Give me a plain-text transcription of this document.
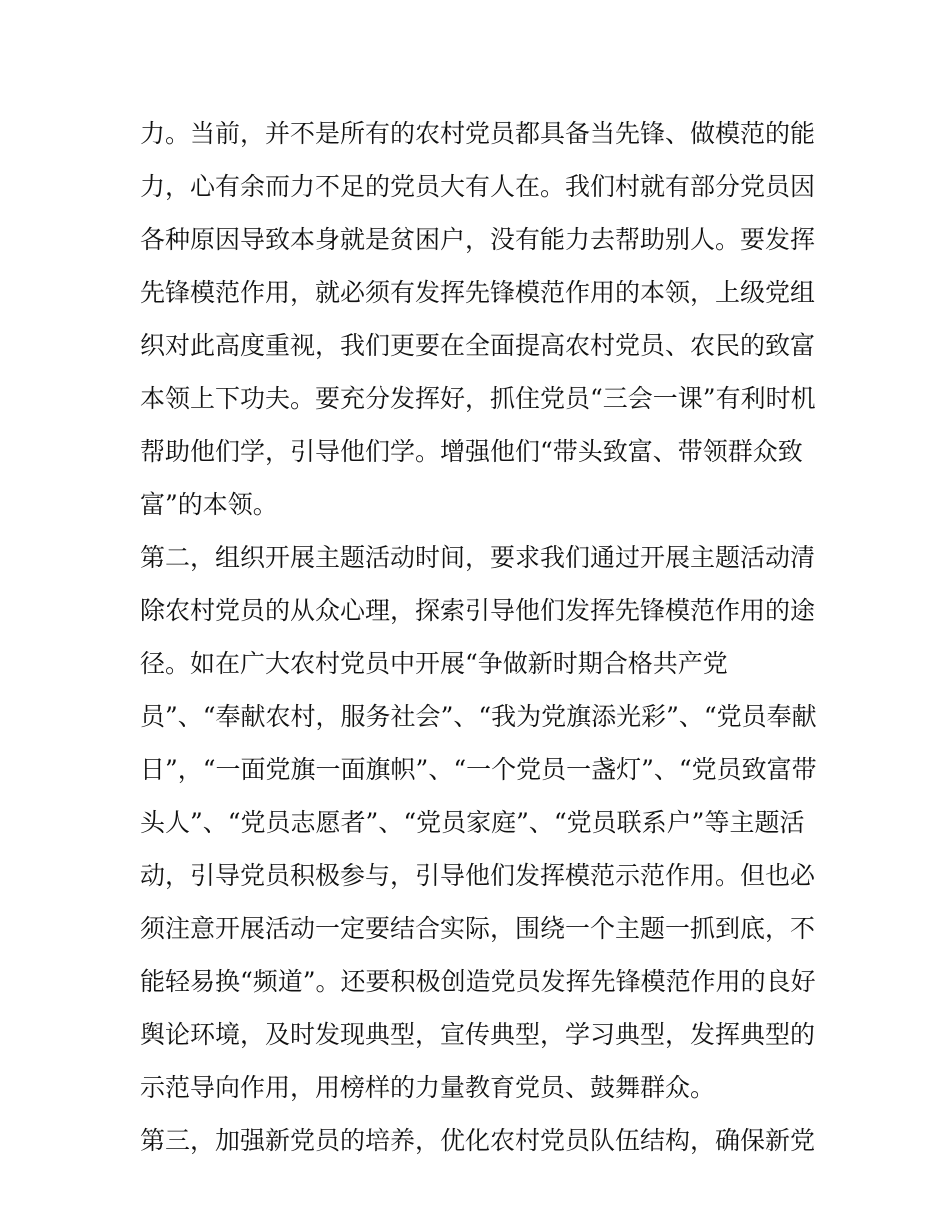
力。当前，并不是所有的农村党员都具备当先锋、做模范的能
力，心有余而力不足的党员大有人在。我们村就有部分党员因
各种原因导致本身就是贫困户，没有能力去帮助别人。要发挥
先锋模范作用，就必须有发挥先锋模范作用的本领，上级党组
织对此高度重视，我们更要在全面提高农村党员、农民的致富
本领上下功夫。要充分发挥好，抓住党员“三会一课”有利时机
帮助他们学，引导他们学。增强他们“带头致富、带领群众致
富”的本领。
第二，组织开展主题活动时间，要求我们通过开展主题活动清
除农村党员的从众心理，探索引导他们发挥先锋模范作用的途
径。如在广大农村党员中开展“争做新时期合格共产党
员”、“奉献农村，服务社会”、“我为党旗添光彩”、“党员奉献
日”，“一面党旗一面旗帜”、“一个党员一盏灯”、“党员致富带
头人”、“党员志愿者”、“党员家庭”、“党员联系户”等主题活
动，引导党员积极参与，引导他们发挥模范示范作用。但也必
须注意开展活动一定要结合实际，围绕一个主题一抓到底，不
能轻易换“频道”。还要积极创造党员发挥先锋模范作用的良好
舆论环境，及时发现典型，宣传典型，学习典型，发挥典型的
示范导向作用，用榜样的力量教育党员、鼓舞群众。
第三，加强新党员的培养，优化农村党员队伍结构，确保新党
